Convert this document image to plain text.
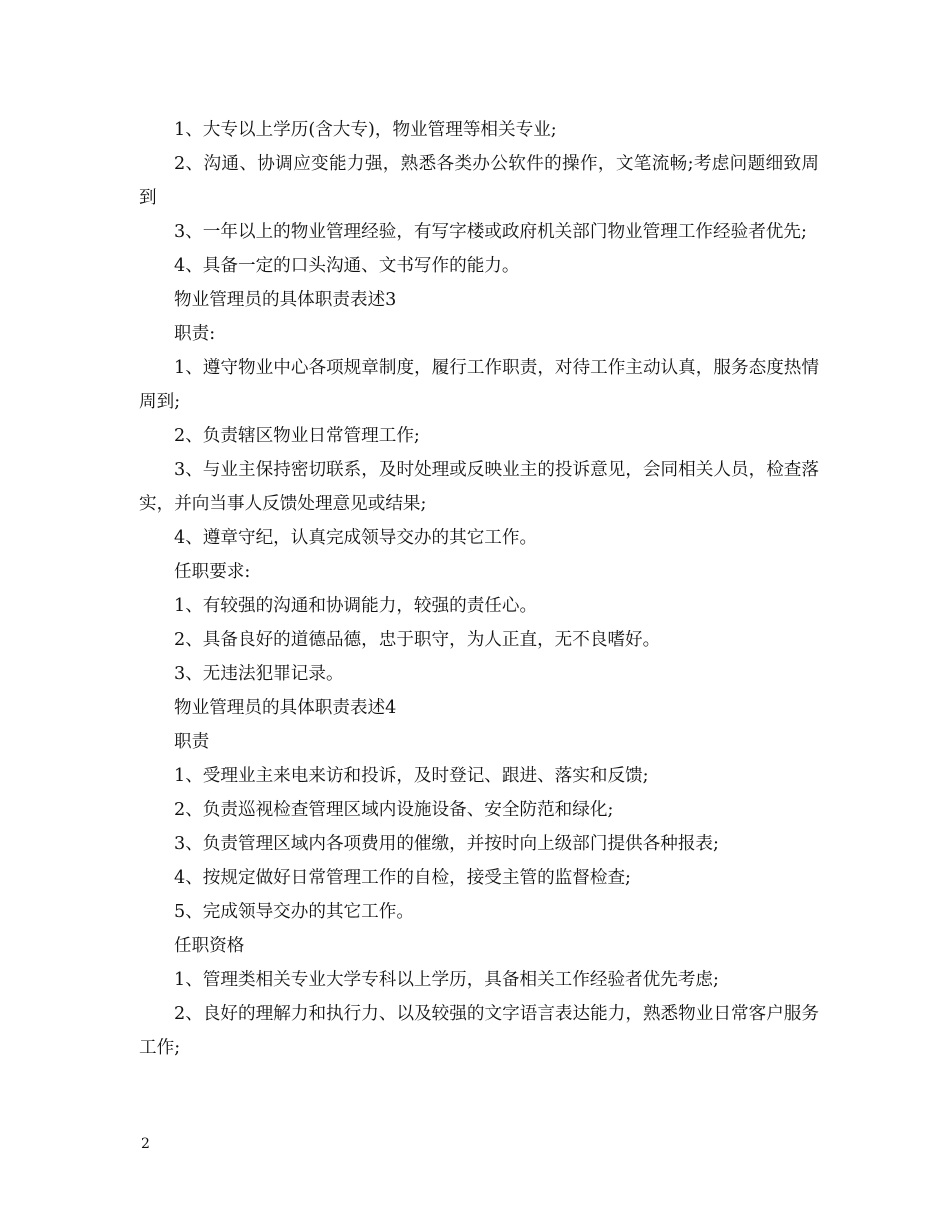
1、大专以上学历(含大专)，物业管理等相关专业;

2、沟通、协调应变能力强，熟悉各类办公软件的操作，文笔流畅;考虑问题细致周到

3、一年以上的物业管理经验，有写字楼或政府机关部门物业管理工作经验者优先;

4、具备一定的口头沟通、文书写作的能力。

物业管理员的具体职责表述3

职责:

1、遵守物业中心各项规章制度，履行工作职责，对待工作主动认真，服务态度热情周到;

2、负责辖区物业日常管理工作;

3、与业主保持密切联系，及时处理或反映业主的投诉意见，会同相关人员，检查落实，并向当事人反馈处理意见或结果;

4、遵章守纪，认真完成领导交办的其它工作。

任职要求:

1、有较强的沟通和协调能力，较强的责任心。

2、具备良好的道德品德，忠于职守，为人正直，无不良嗜好。

3、无违法犯罪记录。

物业管理员的具体职责表述4

职责

1、受理业主来电来访和投诉，及时登记、跟进、落实和反馈;

2、负责巡视检查管理区域内设施设备、安全防范和绿化;

3、负责管理区域内各项费用的催缴，并按时向上级部门提供各种报表;

4、按规定做好日常管理工作的自检，接受主管的监督检查;

5、完成领导交办的其它工作。

任职资格

1、管理类相关专业大学专科以上学历，具备相关工作经验者优先考虑;

2、良好的理解力和执行力、以及较强的文字语言表达能力，熟悉物业日常客户服务工作;

2
